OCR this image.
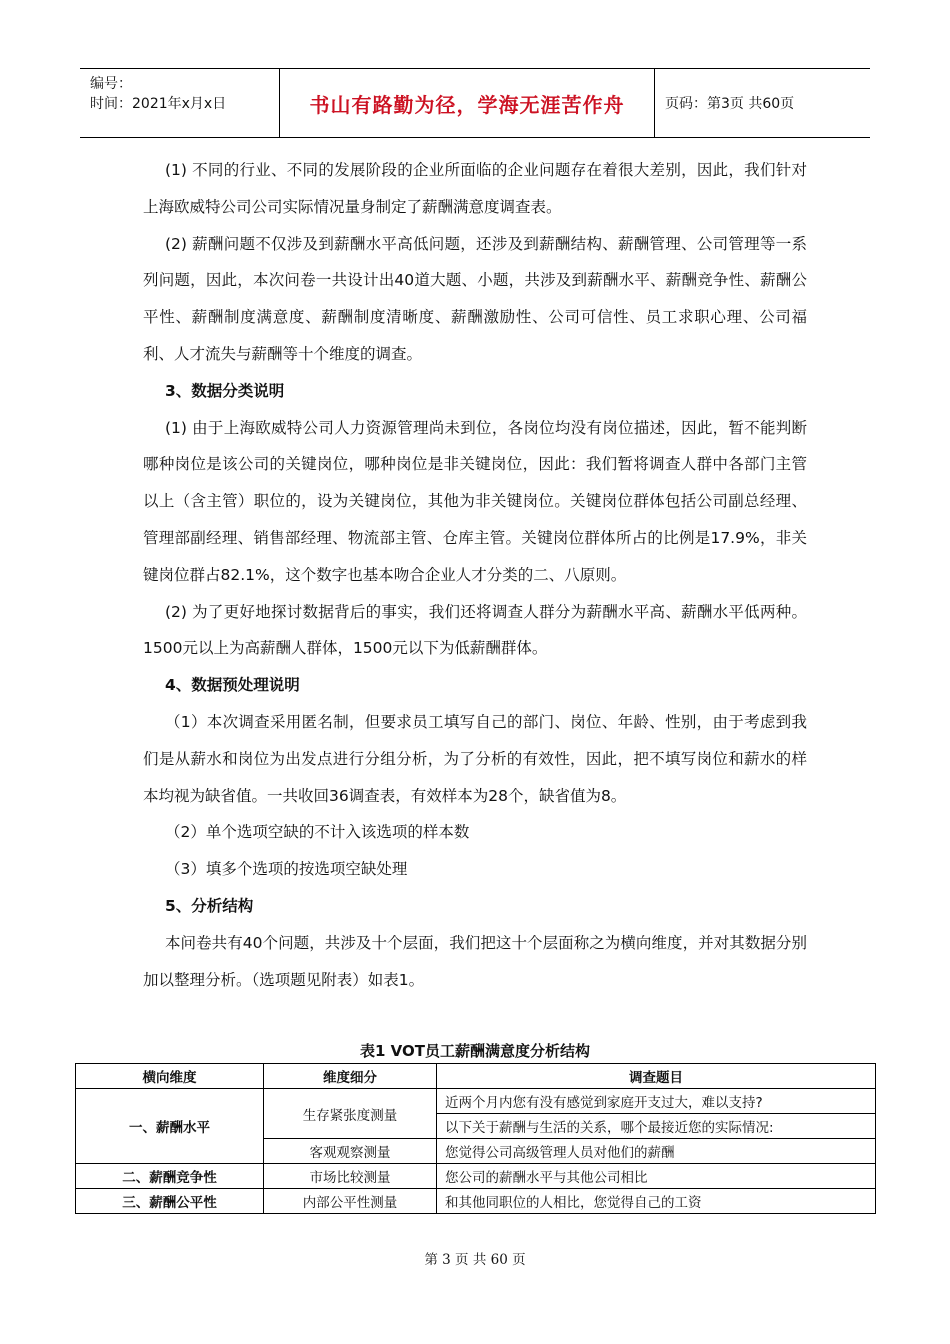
编号：
时间：2021年x月x日	书山有路勤为径，学海无涯苦作舟	页码：第3页 共60页

(1) 不同的行业、不同的发展阶段的企业所面临的企业问题存在着很大差别，因此，我们针对上海欧威特公司公司实际情况量身制定了薪酬满意度调查表。

(2) 薪酬问题不仅涉及到薪酬水平高低问题，还涉及到薪酬结构、薪酬管理、公司管理等一系列问题，因此，本次问卷一共设计出40道大题、小题，共涉及到薪酬水平、薪酬竞争性、薪酬公平性、薪酬制度满意度、薪酬制度清晰度、薪酬激励性、公司可信性、员工求职心理、公司福利、人才流失与薪酬等十个维度的调查。

3、数据分类说明

(1) 由于上海欧威特公司人力资源管理尚未到位，各岗位均没有岗位描述，因此，暂不能判断哪种岗位是该公司的关键岗位，哪种岗位是非关键岗位，因此：我们暂将调查人群中各部门主管以上（含主管）职位的，设为关键岗位，其他为非关键岗位。关键岗位群体包括公司副总经理、管理部副经理、销售部经理、物流部主管、仓库主管。关键岗位群体所占的比例是17.9%，非关键岗位群占82.1%，这个数字也基本吻合企业人才分类的二、八原则。

(2) 为了更好地探讨数据背后的事实，我们还将调查人群分为薪酬水平高、薪酬水平低两种。1500元以上为高薪酬人群体，1500元以下为低薪酬群体。

4、数据预处理说明

（1）本次调查采用匿名制，但要求员工填写自己的部门、岗位、年龄、性别，由于考虑到我们是从薪水和岗位为出发点进行分组分析，为了分析的有效性，因此，把不填写岗位和薪水的样本均视为缺省值。一共收回36调查表，有效样本为28个，缺省值为8。

（2）单个选项空缺的不计入该选项的样本数

（3）填多个选项的按选项空缺处理

5、分析结构

本问卷共有40个问题，共涉及十个层面，我们把这十个层面称之为横向维度，并对其数据分别加以整理分析。（选项题见附表）如表1。

表1 VOT员工薪酬满意度分析结构
横向维度	维度细分	调查题目
一、薪酬水平	生存紧张度测量	近两个月内您有没有感觉到家庭开支过大，难以支持?
		以下关于薪酬与生活的关系，哪个最接近您的实际情况:
	客观观察测量	您觉得公司高级管理人员对他们的薪酬
二、薪酬竞争性	市场比较测量	您公司的薪酬水平与其他公司相比
三、薪酬公平性	内部公平性测量	和其他同职位的人相比，您觉得自己的工资
第 3 页 共 60 页
